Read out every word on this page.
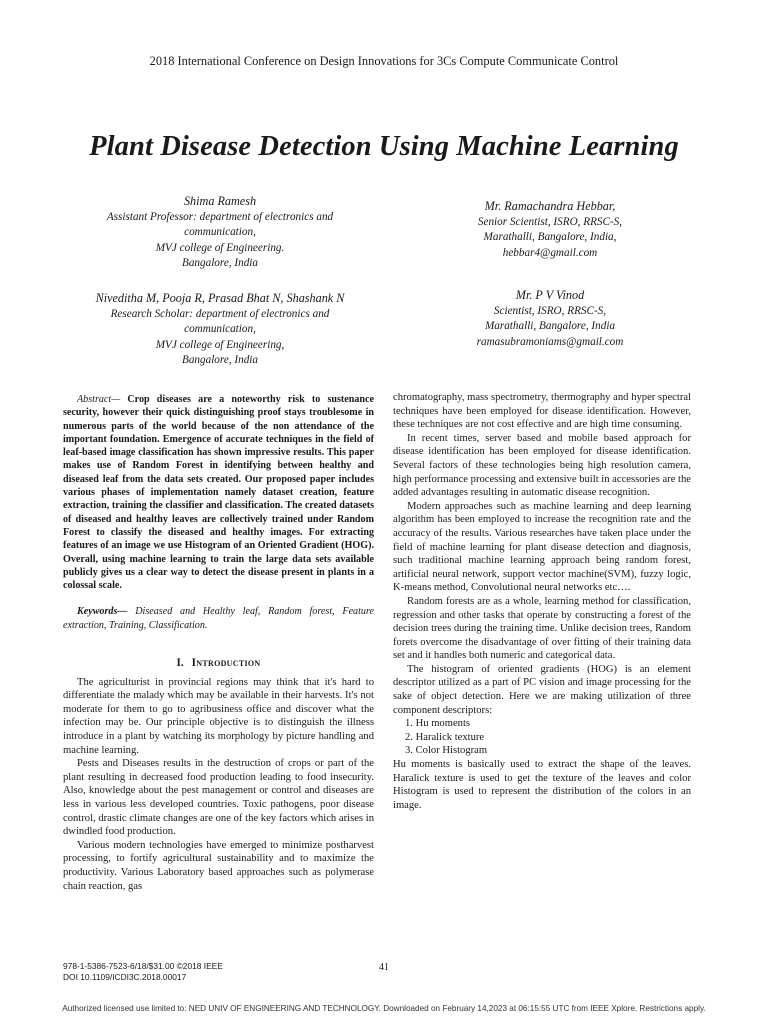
2018 International Conference on Design Innovations for 3Cs Compute Communicate Control
Plant Disease Detection Using Machine Learning
Shima Ramesh
Assistant Professor: department of electronics and
communication,
MVJ college of Engineering.
Bangalore, India
Mr. Ramachandra Hebbar,
Senior Scientist, ISRO, RRSC-S,
Marathalli, Bangalore, India,
hebbar4@gmail.com
Niveditha M, Pooja R, Prasad Bhat N, Shashank N
Research Scholar: department of electronics and
communication,
MVJ college of Engineering,
Bangalore, India
Mr. P V Vinod
Scientist, ISRO, RRSC-S,
Marathalli, Bangalore, India
ramasubramoniams@gmail.com

Abstract— Crop diseases are a noteworthy risk to sustenance security, however their quick distinguishing proof stays troublesome in numerous parts of the world because of the non attendance of the important foundation. Emergence of accurate techniques in the field of leaf-based image classification has shown impressive results. This paper makes use of Random Forest in identifying between healthy and diseased leaf from the data sets created. Our proposed paper includes various phases of implementation namely dataset creation, feature extraction, training the classifier and classification. The created datasets of diseased and healthy leaves are collectively trained under Random Forest to classify the diseased and healthy images. For extracting features of an image we use Histogram of an Oriented Gradient (HOG). Overall, using machine learning to train the large data sets available publicly gives us a clear way to detect the disease present in plants in a colossal scale.

Keywords— Diseased and Healthy leaf, Random forest, Feature extraction, Training, Classification.

I. Introduction

The agriculturist in provincial regions may think that it's hard to differentiate the malady which may be available in their harvests. It's not moderate for them to go to agribusiness office and discover what the infection may be. Our principle objective is to distinguish the illness introduce in a plant by watching its morphology by picture handling and machine learning.

Pests and Diseases results in the destruction of crops or part of the plant resulting in decreased food production leading to food insecurity. Also, knowledge about the pest management or control and diseases are less in various less developed countries. Toxic pathogens, poor disease control, drastic climate changes are one of the key factors which arises in dwindled food production.

Various modern technologies have emerged to minimize postharvest processing, to fortify agricultural sustainability and to maximize the productivity. Various Laboratory based approaches such as polymerase chain reaction, gas

chromatography, mass spectrometry, thermography and hyper spectral techniques have been employed for disease identification. However, these techniques are not cost effective and are high time consuming.

In recent times, server based and mobile based approach for disease identification has been employed for disease identification. Several factors of these technologies being high resolution camera, high performance processing and extensive built in accessories are the added advantages resulting in automatic disease recognition.

Modern approaches such as machine learning and deep learning algorithm has been employed to increase the recognition rate and the accuracy of the results. Various researches have taken place under the field of machine learning for plant disease detection and diagnosis, such traditional machine learning approach being random forest, artificial neural network, support vector machine(SVM), fuzzy logic, K-means method, Convolutional neural networks etc….

Random forests are as a whole, learning method for classification, regression and other tasks that operate by constructing a forest of the decision trees during the training time. Unlike decision trees, Random forets overcome the disadvantage of over fitting of their training data set and it handles both numeric and categorical data.

The histogram of oriented gradients (HOG) is an element descriptor utilized as a part of PC vision and image processing for the sake of object detection. Here we are making utilization of three component descriptors:

1. Hu moments
2. Haralick texture
3. Color Histogram

Hu moments is basically used to extract the shape of the leaves. Haralick texture is used to get the texture of the leaves and color Histogram is used to represent the distribution of the colors in an image.

978-1-5386-7523-6/18/$31.00 ©2018 IEEE
DOI 10.1109/ICDI3C.2018.00017
41
Authorized licensed use limited to: NED UNIV OF ENGINEERING AND TECHNOLOGY. Downloaded on February 14,2023 at 06:15:55 UTC from IEEE Xplore. Restrictions apply.
